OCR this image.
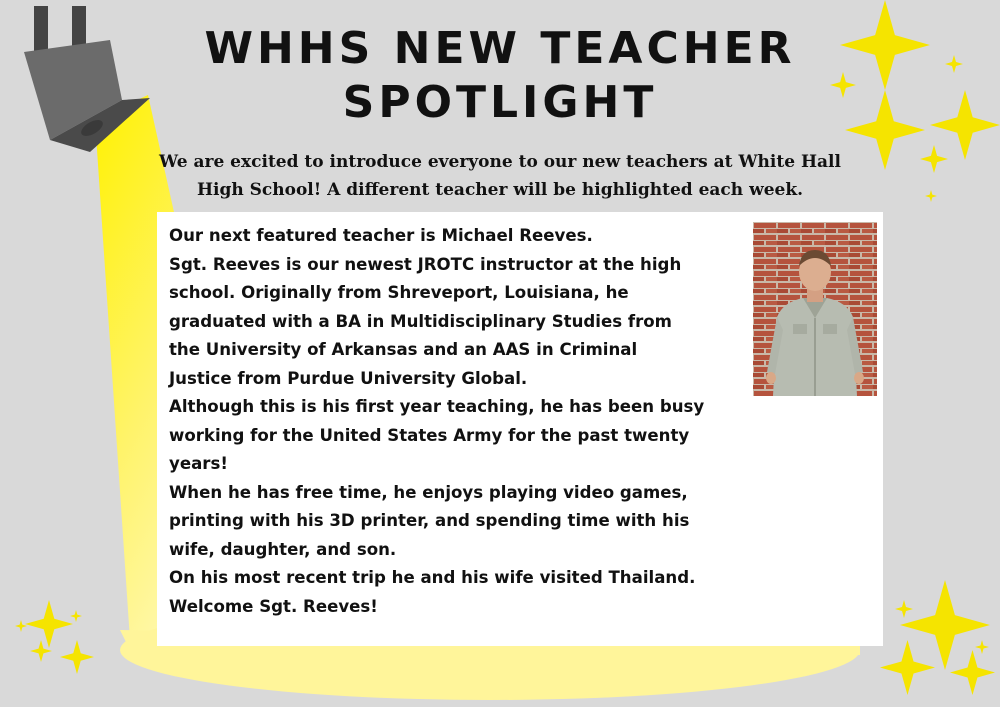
WHHS NEW TEACHER
SPOTLIGHT

We are excited to introduce everyone to our new teachers at White Hall
High School! A different teacher will be highlighted each week.

Our next featured teacher is Michael Reeves.
Sgt. Reeves is our newest JROTC instructor at the high
school. Originally from Shreveport, Louisiana, he
graduated with a BA in Multidisciplinary Studies from
the University of Arkansas and an AAS in Criminal
Justice from Purdue University Global.
Although this is his first year teaching, he has been busy
working for the United States Army for the past twenty
years!
When he has free time, he enjoys playing video games,
printing with his 3D printer, and spending time with his
wife, daughter, and son.
On his most recent trip he and his wife visited Thailand.
Welcome Sgt. Reeves!
